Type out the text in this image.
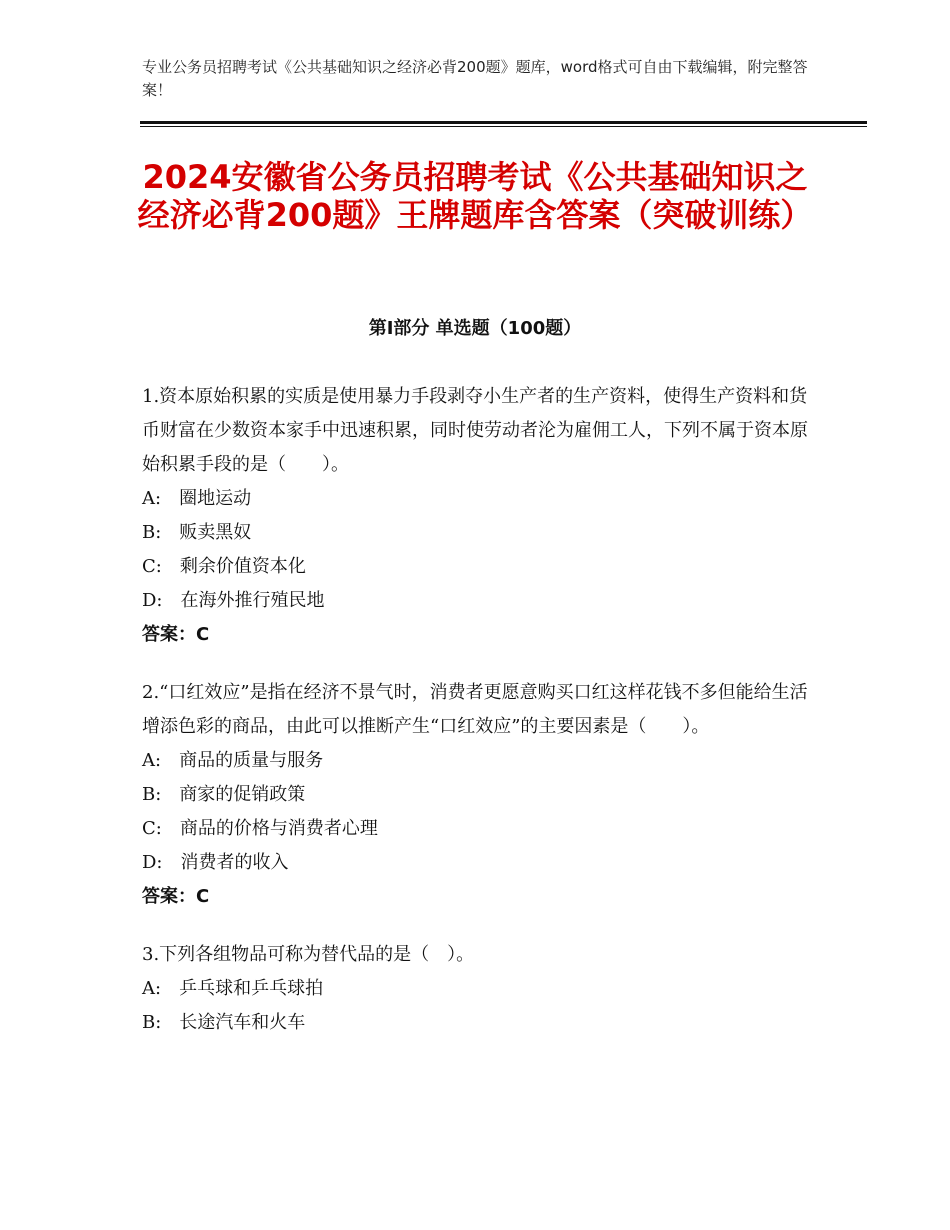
专业公务员招聘考试《公共基础知识之经济必背200题》题库，word格式可自由下载编辑，附完整答案！
2024安徽省公务员招聘考试《公共基础知识之经济必背200题》王牌题库含答案（突破训练）
第Ⅰ部分 单选题（100题）
1.资本原始积累的实质是使用暴力手段剥夺小生产者的生产资料，使得生产资料和货币财富在少数资本家手中迅速积累，同时使劳动者沦为雇佣工人，下列不属于资本原始积累手段的是（　　）。
A:　圈地运动
B:　贩卖黑奴
C:　剩余价值资本化
D:　在海外推行殖民地
答案：C
2.“口红效应”是指在经济不景气时，消费者更愿意购买口红这样花钱不多但能给生活增添色彩的商品，由此可以推断产生“口红效应”的主要因素是（　　）。
A:　商品的质量与服务
B:　商家的促销政策
C:　商品的价格与消费者心理
D:　消费者的收入
答案：C
3.下列各组物品可称为替代品的是（　）。
A:　乒乓球和乒乓球拍
B:　长途汽车和火车
